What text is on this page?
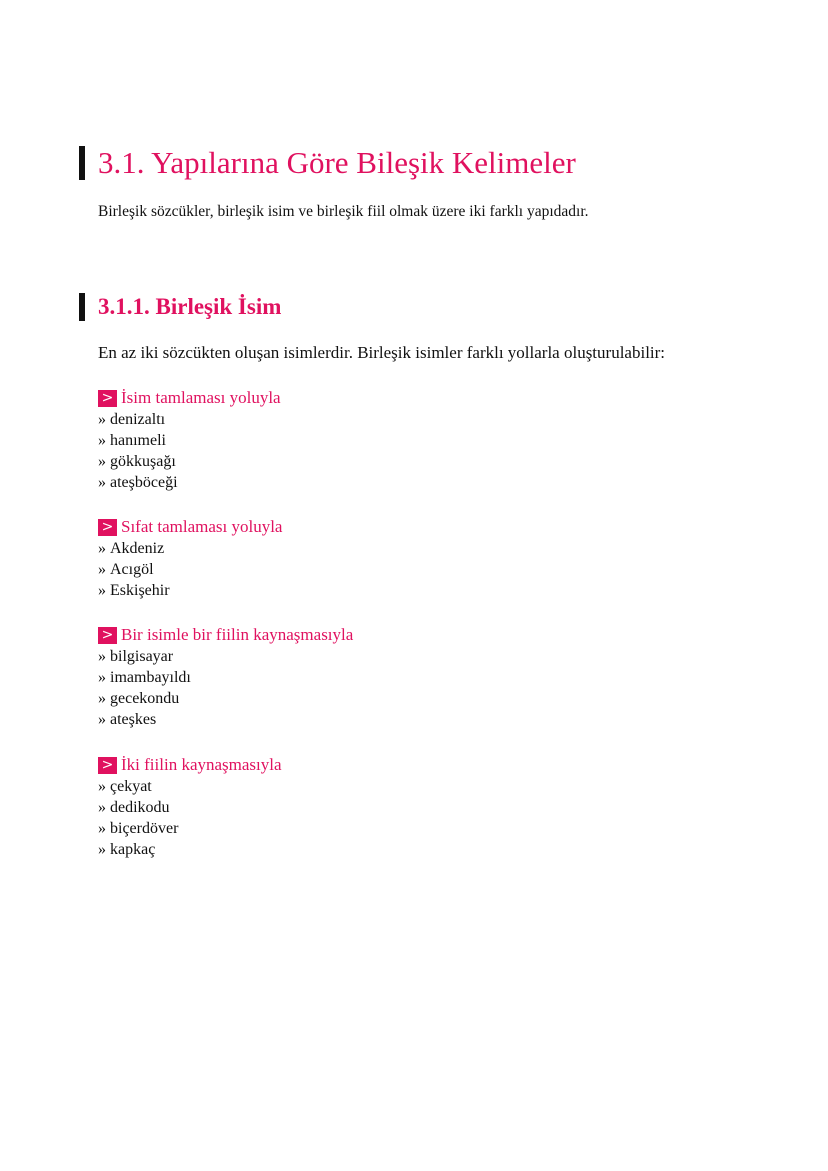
3.1. Yapılarına Göre Bileşik Kelimeler
Birleşik sözcükler, birleşik isim ve birleşik fiil olmak üzere iki farklı yapıdadır.
3.1.1. Birleşik İsim
En az iki sözcükten oluşan isimlerdir. Birleşik isimler farklı yollarla oluşturulabilir:
> İsim tamlaması yoluyla
» denizaltı
» hanımeli
» gökkuşağı
» ateşböceği
> Sıfat tamlaması yoluyla
» Akdeniz
» Acıgöl
» Eskişehir
> Bir isimle bir fiilin kaynaşmasıyla
» bilgisayar
» imambayıldı
» gecekondu
» ateşkes
> İki fiilin kaynaşmasıyla
» çekyat
» dedikodu
» biçerdöver
» kapkaç
